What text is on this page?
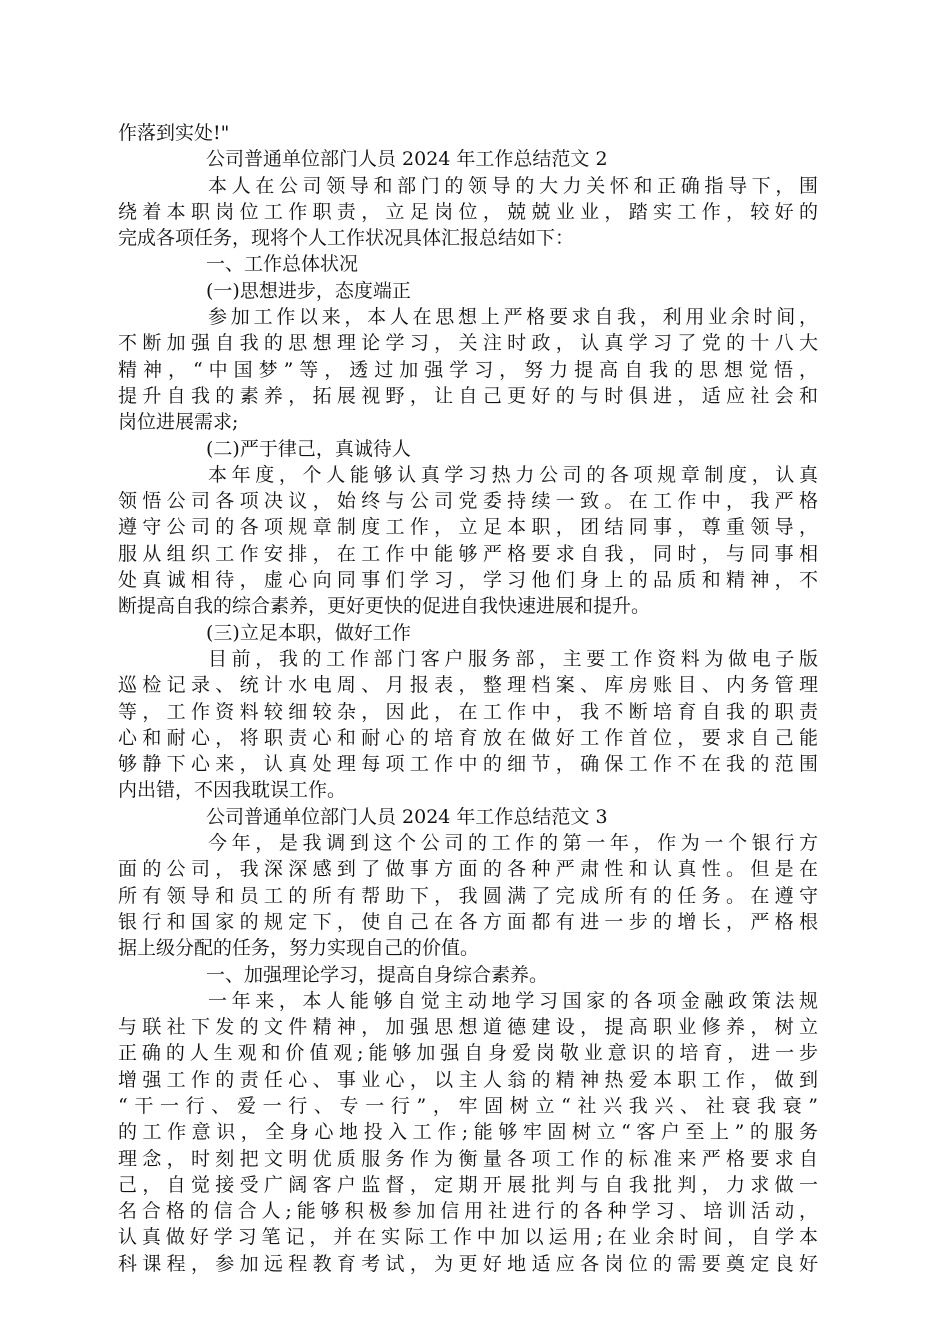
作落到实处!"
公司普通单位部门人员 2024 年工作总结范文 2
本人在公司领导和部门的领导的大力关怀和正确指导下，围
绕着本职岗位工作职责，立足岗位，兢兢业业，踏实工作，较好的
完成各项任务，现将个人工作状况具体汇报总结如下：
一、工作总体状况
(一)思想进步，态度端正
参加工作以来，本人在思想上严格要求自我，利用业余时间，
不断加强自我的思想理论学习，关注时政，认真学习了党的十八大
精神，“中国梦”等，透过加强学习，努力提高自我的思想觉悟，
提升自我的素养，拓展视野，让自己更好的与时俱进，适应社会和
岗位进展需求;
(二)严于律己，真诚待人
本年度，个人能够认真学习热力公司的各项规章制度，认真
领悟公司各项决议，始终与公司党委持续一致。在工作中，我严格
遵守公司的各项规章制度工作，立足本职，团结同事，尊重领导，
服从组织工作安排，在工作中能够严格要求自我，同时，与同事相
处真诚相待，虚心向同事们学习，学习他们身上的品质和精神，不
断提高自我的综合素养，更好更快的促进自我快速进展和提升。
(三)立足本职，做好工作
目前，我的工作部门客户服务部，主要工作资料为做电子版
巡检记录、统计水电周、月报表，整理档案、库房账目、内务管理
等，工作资料较细较杂，因此，在工作中，我不断培育自我的职责
心和耐心，将职责心和耐心的培育放在做好工作首位，要求自己能
够静下心来，认真处理每项工作中的细节，确保工作不在我的范围
内出错，不因我耽误工作。
公司普通单位部门人员 2024 年工作总结范文 3
今年，是我调到这个公司的工作的第一年，作为一个银行方
面的公司，我深深感到了做事方面的各种严肃性和认真性。但是在
所有领导和员工的所有帮助下，我圆满了完成所有的任务。在遵守
银行和国家的规定下，使自己在各方面都有进一步的增长，严格根
据上级分配的任务，努力实现自己的价值。
一、加强理论学习，提高自身综合素养。
一年来，本人能够自觉主动地学习国家的各项金融政策法规
与联社下发的文件精神，加强思想道德建设，提高职业修养，树立
正确的人生观和价值观;能够加强自身爱岗敬业意识的培育，进一步
增强工作的责任心、事业心，以主人翁的精神热爱本职工作，做到
“干一行、爱一行、专一行”，牢固树立“社兴我兴、社衰我衰”
的工作意识，全身心地投入工作;能够牢固树立“客户至上”的服务
理念，时刻把文明优质服务作为衡量各项工作的标准来严格要求自
己，自觉接受广阔客户监督，定期开展批判与自我批判，力求做一
名合格的信合人;能够积极参加信用社进行的各种学习、培训活动，
认真做好学习笔记，并在实际工作中加以运用;在业余时间，自学本
科课程，参加远程教育考试，为更好地适应各岗位的需要奠定良好
